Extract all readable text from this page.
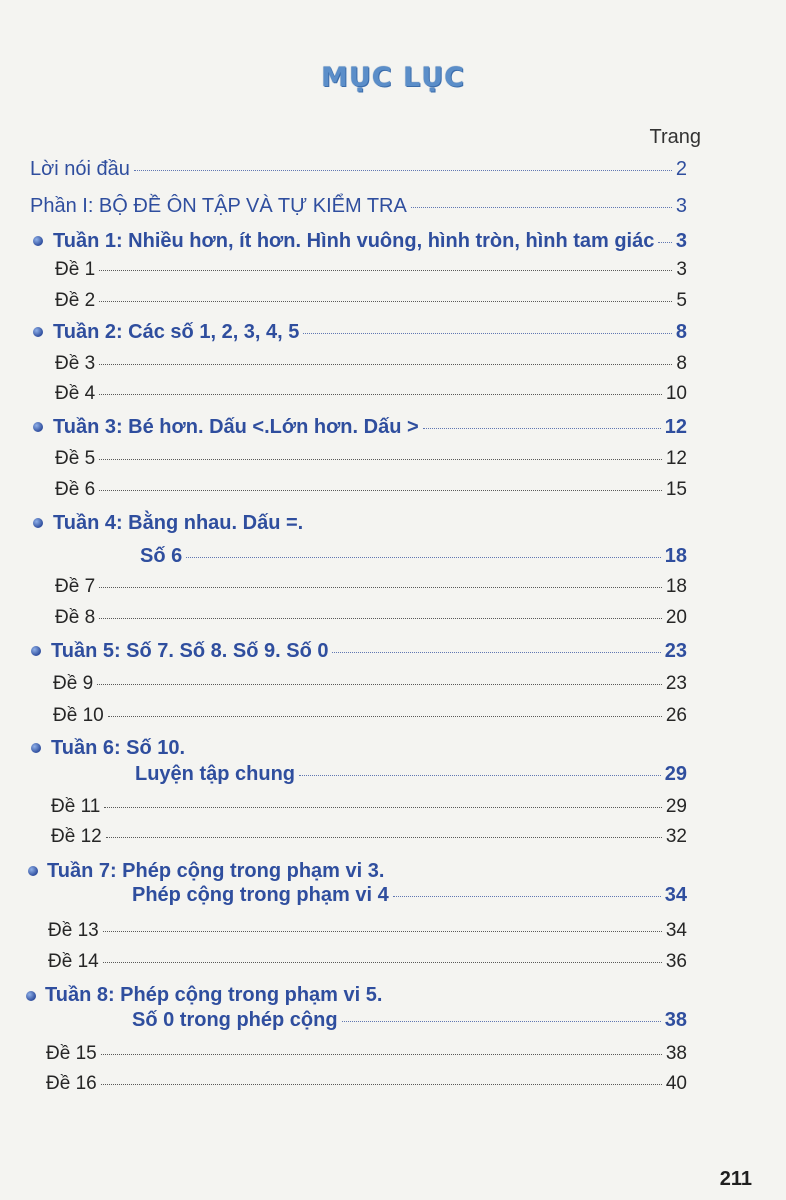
MỤC LỤC
Trang
Lời nói đầu	2
Phần I: BỘ ĐỀ ÔN TẬP VÀ TỰ KIỂM TRA	3
Tuần 1: Nhiều hơn, ít hơn. Hình vuông, hình tròn, hình tam giác 3
Đề 1	3
Đề 2	5
Tuần 2: Các số 1, 2, 3, 4, 5	8
Đề 3	8
Đề 4	10
Tuần 3: Bé hơn. Dấu <.Lớn hơn. Dấu >	12
Đề 5	12
Đề 6	15
Tuần 4: Bằng nhau. Dấu =.
Số 6	18
Đề 7	18
Đề 8	20
Tuần 5: Số 7. Số 8. Số 9. Số 0	23
Đề 9	23
Đề 10	26
Tuần 6: Số 10.
Luyện tập chung	29
Đề 11	29
Đề 12	32
Tuần 7: Phép cộng trong phạm vi 3.
Phép cộng trong phạm vi 4	34
Đề 13	34
Đề 14	36
Tuần 8: Phép cộng trong phạm vi 5.
Số 0 trong phép cộng	38
Đề 15	38
Đề 16	40
211
